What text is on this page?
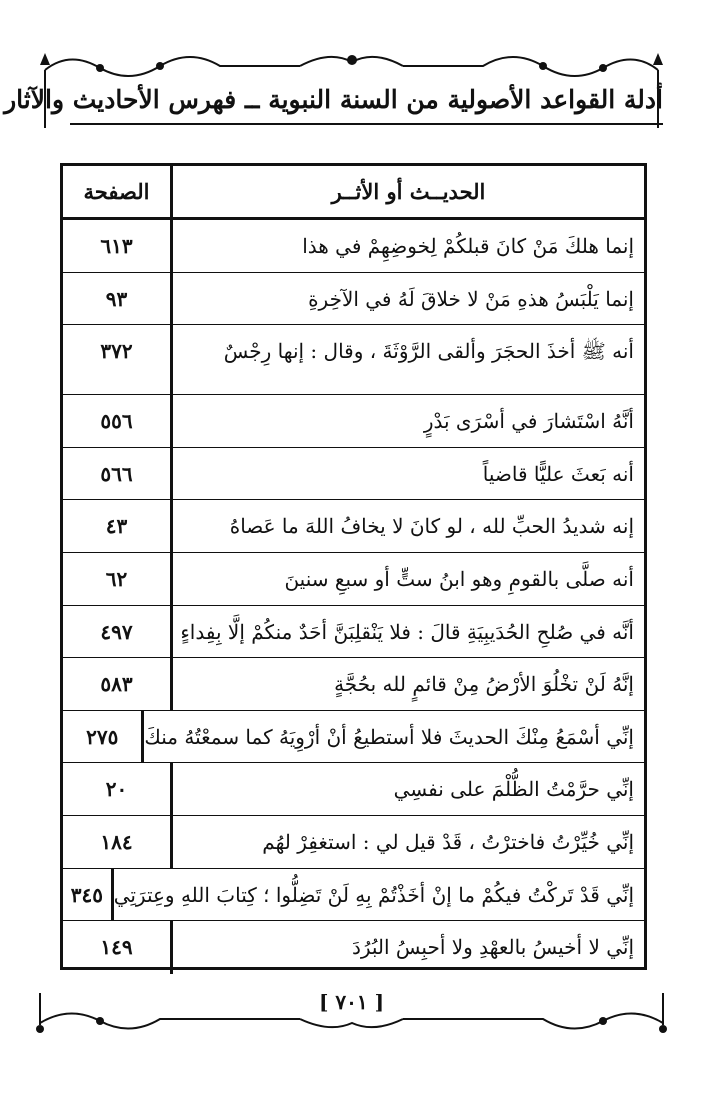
أدلة القواعد الأصولية من السنة النبوية ــ فهرس الأحاديث والآثار
الحديــث أو الأثــر
الصفحة
إنما هلكَ مَنْ كانَ قبلكُمْ لِخوضِهِمْ في هذا
٦١٣
إنما يَلْبَسُ هذهِ مَنْ لا خلاقَ لَهُ في الآخِرةِ
٩٣
أنه ﷺ أخذَ الحجَرَ وألقى الرَّوْثَةَ ، وقال : إنها رِجْسٌ
٣٧٢
أنَّهُ اسْتَشارَ في أسْرَى بَدْرٍ
٥٥٦
أنه بَعثَ عليًّا قاضياً
٥٦٦
إنه شديدُ الحبِّ لله ، لو كانَ لا يخافُ اللهَ ما عَصاهُ
٤٣
أنه صلَّى بالقومِ وهو ابنُ ستٍّ أو سبعِ سنينَ
٦٢
أنَّه في صُلحِ الحُدَيبِيَةِ قالَ : فلا يَنْقلِبَنَّ أحَدٌ منكُمْ إلَّا بِفِداءٍ
٤٩٧
إنَّهُ لَنْ تخْلُوَ الأرْضُ مِنْ قائمٍ لله بحُجَّةٍ
٥٨٣
إنِّي أسْمَعُ مِنْكَ الحديثَ فلا أستطيعُ أنْ أرْوِيَهُ كما سمعْتُهُ منكَ
٢٧٥
إنِّي حرَّمْتُ الظُّلْمَ على نفسِي
٢٠
إنِّي خُيِّرْتُ فاخترْتُ ، قَدْ قيل لي : استغفِرْ لهُم
١٨٤
إنِّي قَدْ تَركْتُ فيكُمْ ما إنْ أخَذْتُمْ بِهِ لَنْ تَضِلُّوا ؛ كِتابَ اللهِ وعِترَتِي
٣٤٥
إنِّي لا أخيسُ بالعهْدِ ولا أحبِسُ البُرُدَ
١٤٩
[ ٧٠١ ]
